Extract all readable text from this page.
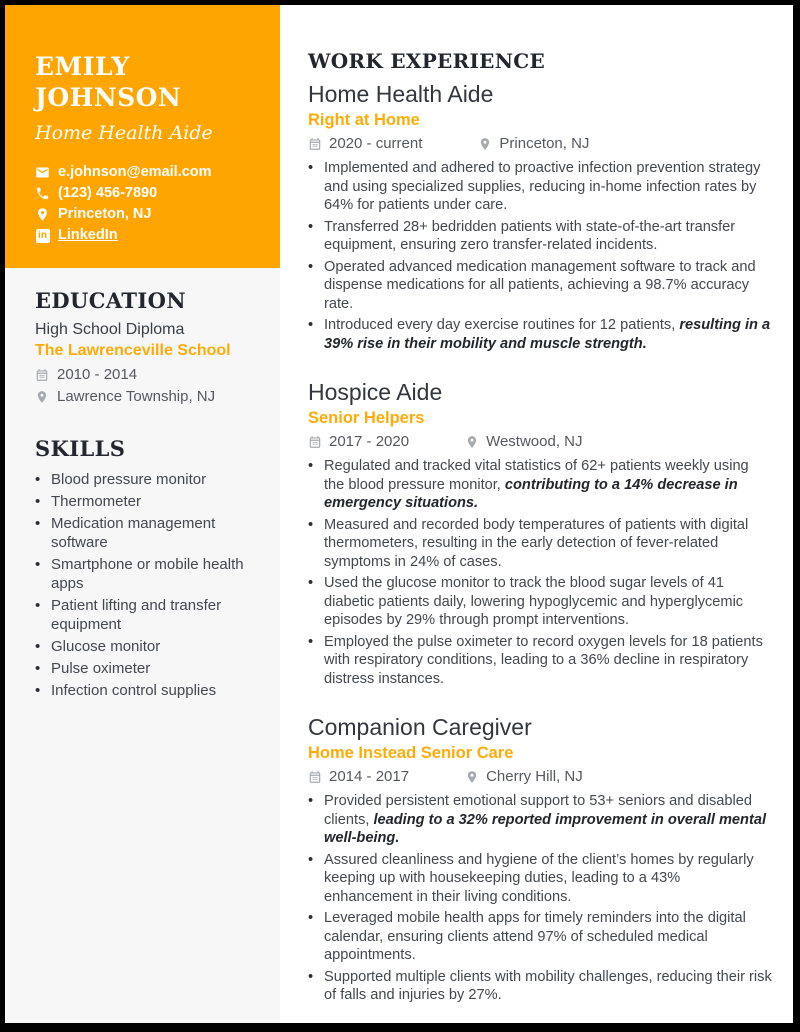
EMILY
JOHNSON
Home Health Aide
e.johnson@email.com
(123) 456-7890
Princeton, NJ
in LinkedIn
EDUCATION
High School Diploma
The Lawrenceville School
2010 - 2014
Lawrence Township, NJ
SKILLS
• Blood pressure monitor
• Thermometer
• Medication management software
• Smartphone or mobile health apps
• Patient lifting and transfer equipment
• Glucose monitor
• Pulse oximeter
• Infection control supplies
WORK EXPERIENCE
Home Health Aide
Right at Home
2020 - current	Princeton, NJ
• Implemented and adhered to proactive infection prevention strategy and using specialized supplies, reducing in-home infection rates by 64% for patients under care.
• Transferred 28+ bedridden patients with state-of-the-art transfer equipment, ensuring zero transfer-related incidents.
• Operated advanced medication management software to track and dispense medications for all patients, achieving a 98.7% accuracy rate.
• Introduced every day exercise routines for 12 patients, resulting in a 39% rise in their mobility and muscle strength.
Hospice Aide
Senior Helpers
2017 - 2020	Westwood, NJ
• Regulated and tracked vital statistics of 62+ patients weekly using the blood pressure monitor, contributing to a 14% decrease in emergency situations.
• Measured and recorded body temperatures of patients with digital thermometers, resulting in the early detection of fever-related symptoms in 24% of cases.
• Used the glucose monitor to track the blood sugar levels of 41 diabetic patients daily, lowering hypoglycemic and hyperglycemic episodes by 29% through prompt interventions.
• Employed the pulse oximeter to record oxygen levels for 18 patients with respiratory conditions, leading to a 36% decline in respiratory distress instances.
Companion Caregiver
Home Instead Senior Care
2014 - 2017	Cherry Hill, NJ
• Provided persistent emotional support to 53+ seniors and disabled clients, leading to a 32% reported improvement in overall mental well-being.
• Assured cleanliness and hygiene of the client’s homes by regularly keeping up with housekeeping duties, leading to a 43% enhancement in their living conditions.
• Leveraged mobile health apps for timely reminders into the digital calendar, ensuring clients attend 97% of scheduled medical appointments.
• Supported multiple clients with mobility challenges, reducing their risk of falls and injuries by 27%.
